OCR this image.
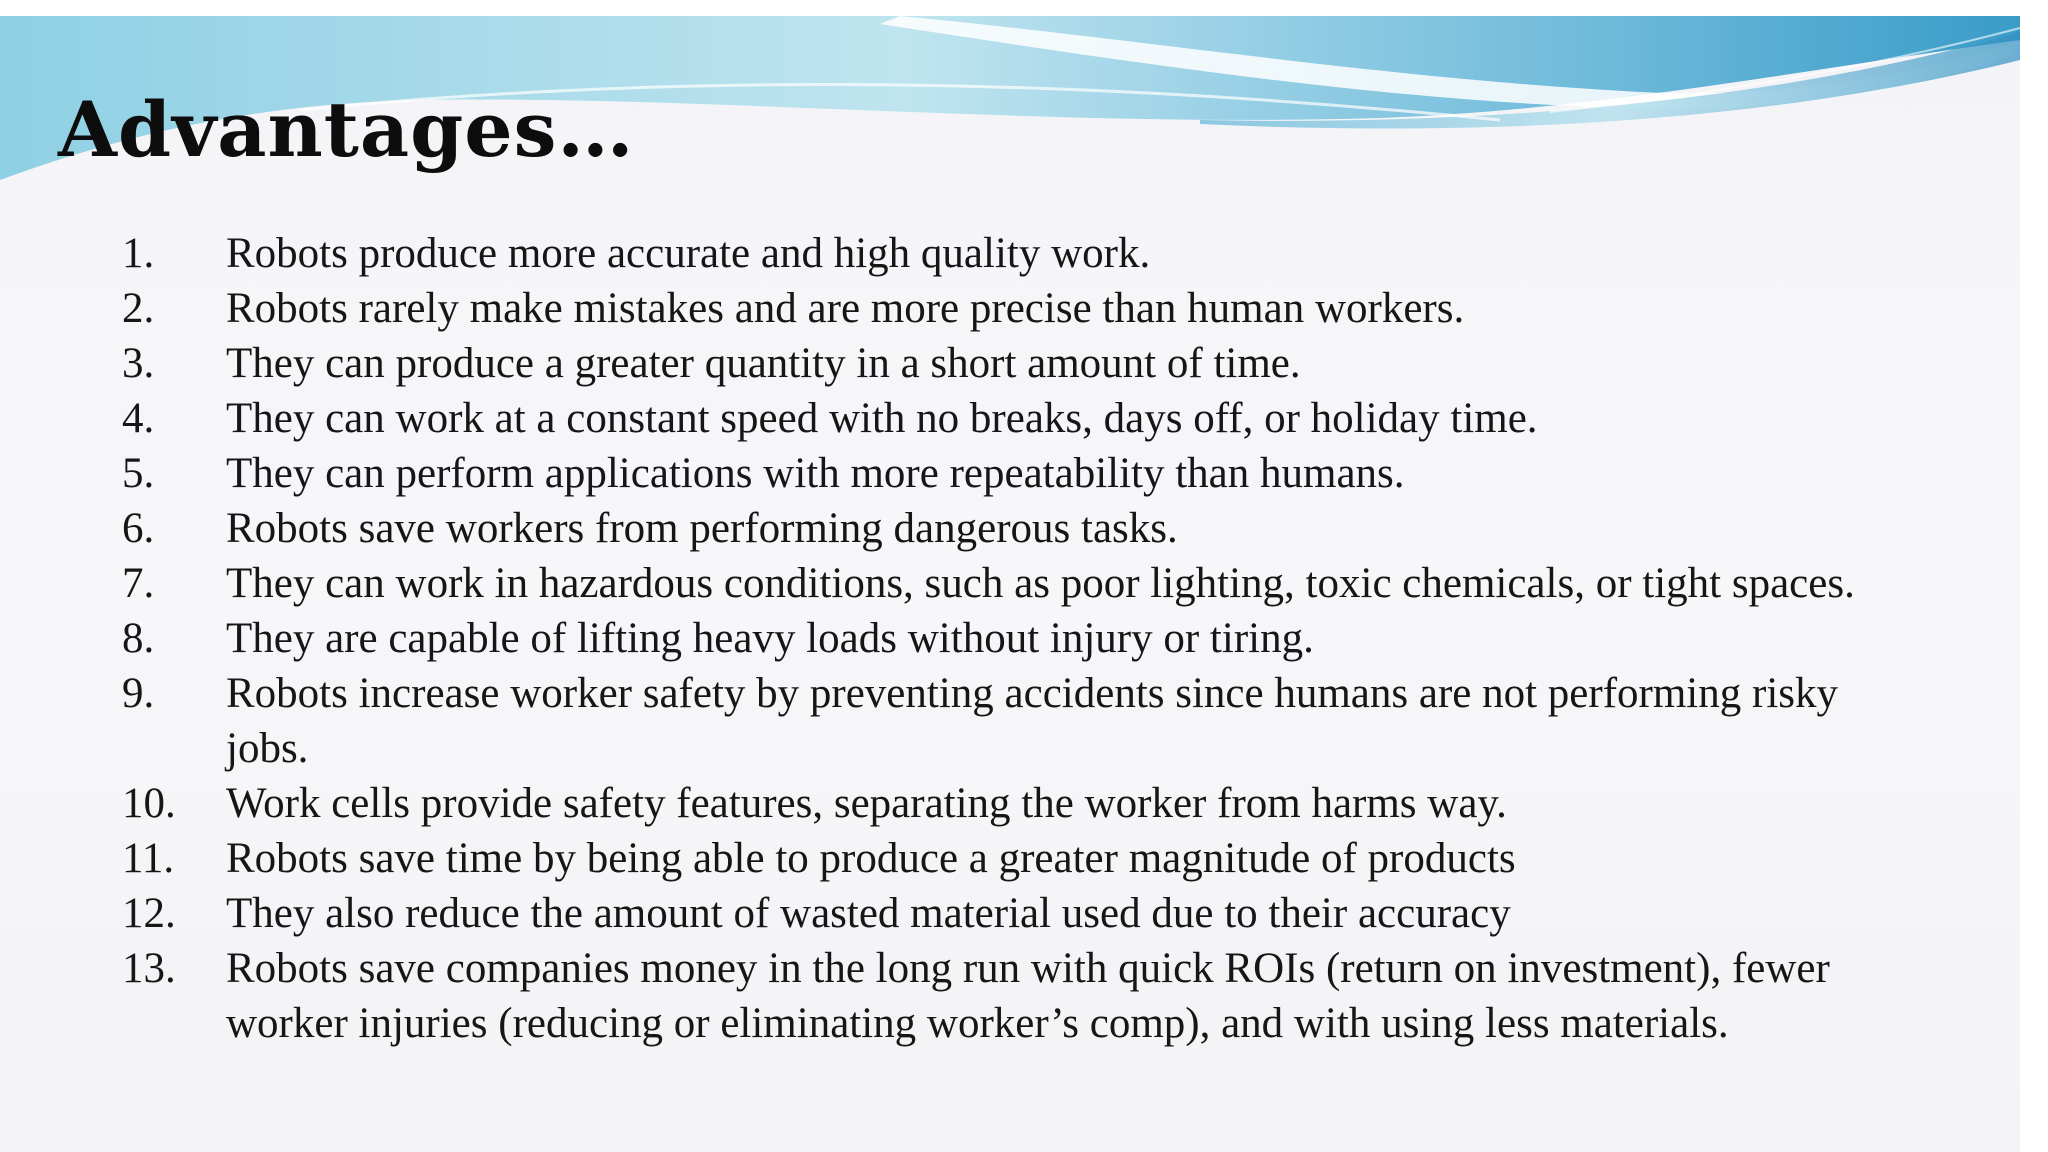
Advantages…
1.	Robots produce more accurate and high quality work.
2.	Robots rarely make mistakes and are more precise than human workers.
3.	They can produce a greater quantity in a short amount of time.
4.	They can work at a constant speed with no breaks, days off, or holiday time.
5.	They can perform applications with more repeatability than humans.
6.	Robots save workers from performing dangerous tasks.
7.	They can work in hazardous conditions, such as poor lighting, toxic chemicals, or tight spaces.
8.	They are capable of lifting heavy loads without injury or tiring.
9.	Robots increase worker safety by preventing accidents since humans are not performing risky jobs.
10.	Work cells provide safety features, separating the worker from harms way.
11.	Robots save time by being able to produce a greater magnitude of products
12.	They also reduce the amount of wasted material used due to their accuracy
13.	Robots save companies money in the long run with quick ROIs (return on investment), fewer worker injuries (reducing or eliminating worker’s comp), and with using less materials.
